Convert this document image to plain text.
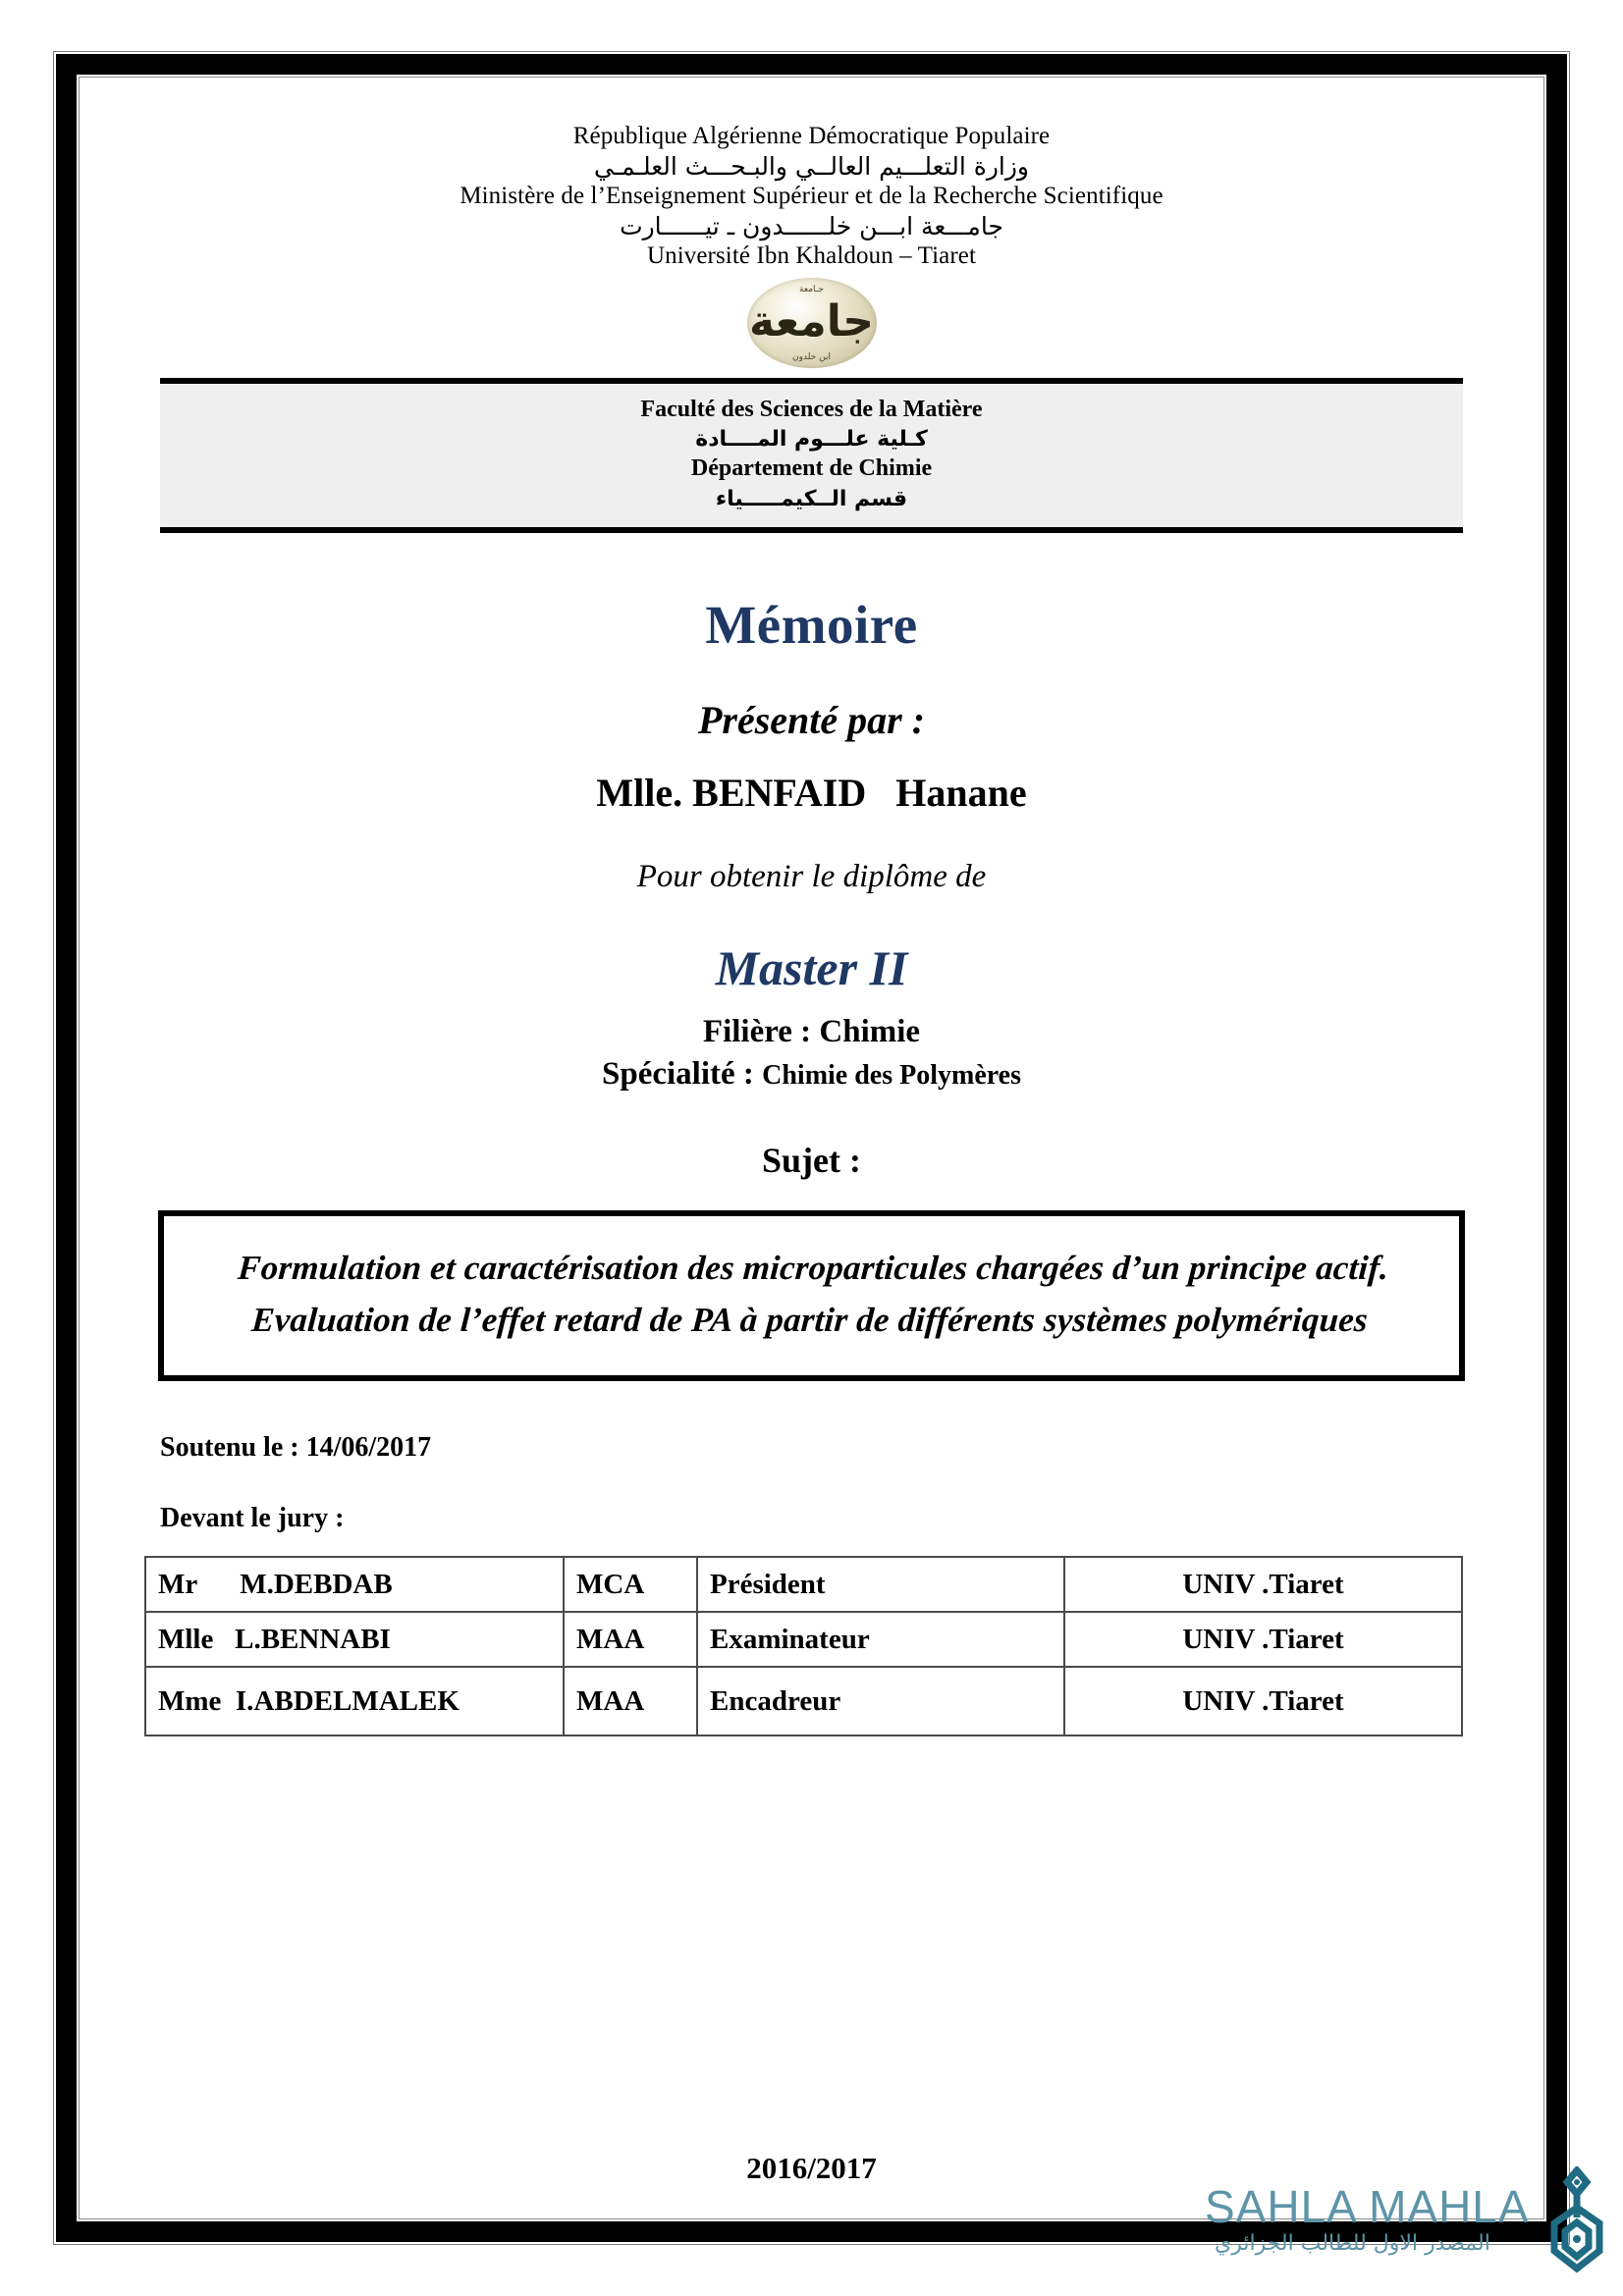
République Algérienne Démocratique Populaire
وزارة التعلـــيم العالــي والبـحـــث العلـمـي
Ministère de l’Enseignement Supérieur et de la Recherche Scientifique
جامـــعة ابـــن خلــــــدون ـ تيــــــارت
Université Ibn Khaldoun – Tiaret
جـامعة
جامعة
ابن خلدون
Faculté des Sciences de la Matière
كـلية علـــوم المــــادة
Département de Chimie
قسم الــكيمـــــياء
Mémoire
Présenté par :
Mlle. BENFAID   Hanane
Pour obtenir le diplôme de
Master II
Filière : Chimie
Spécialité : Chimie des Polymères
Sujet :
Formulation et caractérisation des microparticules chargées d’un principe actif. Evaluation de l’effet retard de PA à partir de différents systèmes polymériques
Soutenu le : 14/06/2017
Devant le jury :
Mr      M.DEBDAB	MCA	Président	UNIV .Tiaret
Mlle   L.BENNABI	MAA	Examinateur	UNIV .Tiaret
Mme  I.ABDELMALEK	MAA	Encadreur	UNIV .Tiaret
2016/2017
SAHLA MAHLA
المصدر الاول للطالب الجزائري
